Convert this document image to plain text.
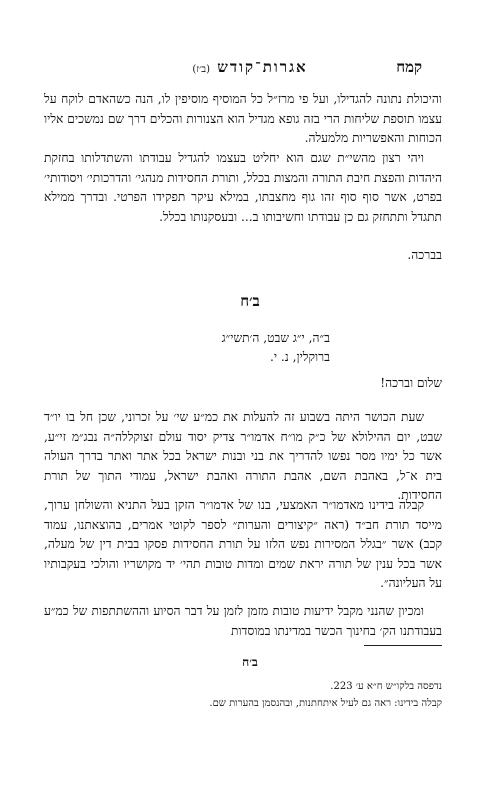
קמח
אגרות־קודש (ב׳ז)

והיכולת נתונה להגדילו, ועל פי מרז״ל כל המוסיף מוסיפין לו, הנה כשהאדם לוקח על עצמו תוספת שליחות הרי בזה גופא מגדיל הוא הצנורות והכלים דרך שם נמשכים אליו הכוחות והאפשריות מלמעלה.

ויהי רצון מהשי״ת שגם הוא יחליט בעצמו להגדיל עבודתו והשתדלותו בחזקת היהדות והפצת חיבת התורה והמצות בכלל, ותורת החסידות מנהגי׳ והדרכותי׳ ויסודותי׳ בפרט, אשר סוף סוף זהו גוף מחצבתו, במילא עיקר תפקידו הפרטי. ובדרך ממילא תתגדל ותתחזק גם כן עבודתו וחשיבותו ב... ובעסקנותו בכלל.

בברכה.

ב׳ח
ב״ה, י״ג שבט, ה׳תשי״ג
ברוקלין, נ. י.
שלום וברכה!

שעת הכושר היתה בשבוע זה להעלות את כמ״ע שי׳ על זכרוני, שכן חל בו יו״ד שבט, יום ההילולא של כ״ק מו״ח אדמו״ר צדיק יסוד עולם זצוקללה״ה נבג״מ זי״ע, אשר כל ימיו מסר נפשו להדריך את בני ובנות ישראל בכל אתר ואתר בדרך העולה בית א־ל, באהבת השם, אהבת התורה ואהבת ישראל, עמודי התוך של תורת החסידות.

קבלה בידינו מאדמו״ר האמצעי, בנו של אדמו״ר הזקן בעל התניא והשולחן ערוך, מייסד תורת חב״ד (ראה ״קיצורים והערות״ לספר לקוטי אמרים, בהוצאתנו, עמוד קכב) אשר ״בגלל המסירות נפש הלזו על תורת החסידות פסקו בבית דין של מעלה, אשר בכל ענין של תורה יראת שמים ומדות טובות תהי׳ יד מקושריו והולכי בעקבותיו על העליונה״.

ומכיון שהנני מקבל ידיעות טובות מזמן לזמן על דבר הסיוע וההשתתפות של כמ״ע בעבודתנו הק׳ בחינוך הכשר במדינתו במוסדות

ב׳ח
נדפסה בלקו״ש ח״א ע׳ 223.
קבלה בידינו: ראה גם לעיל איתחתנות, ובהנסמן בהערות שם.
